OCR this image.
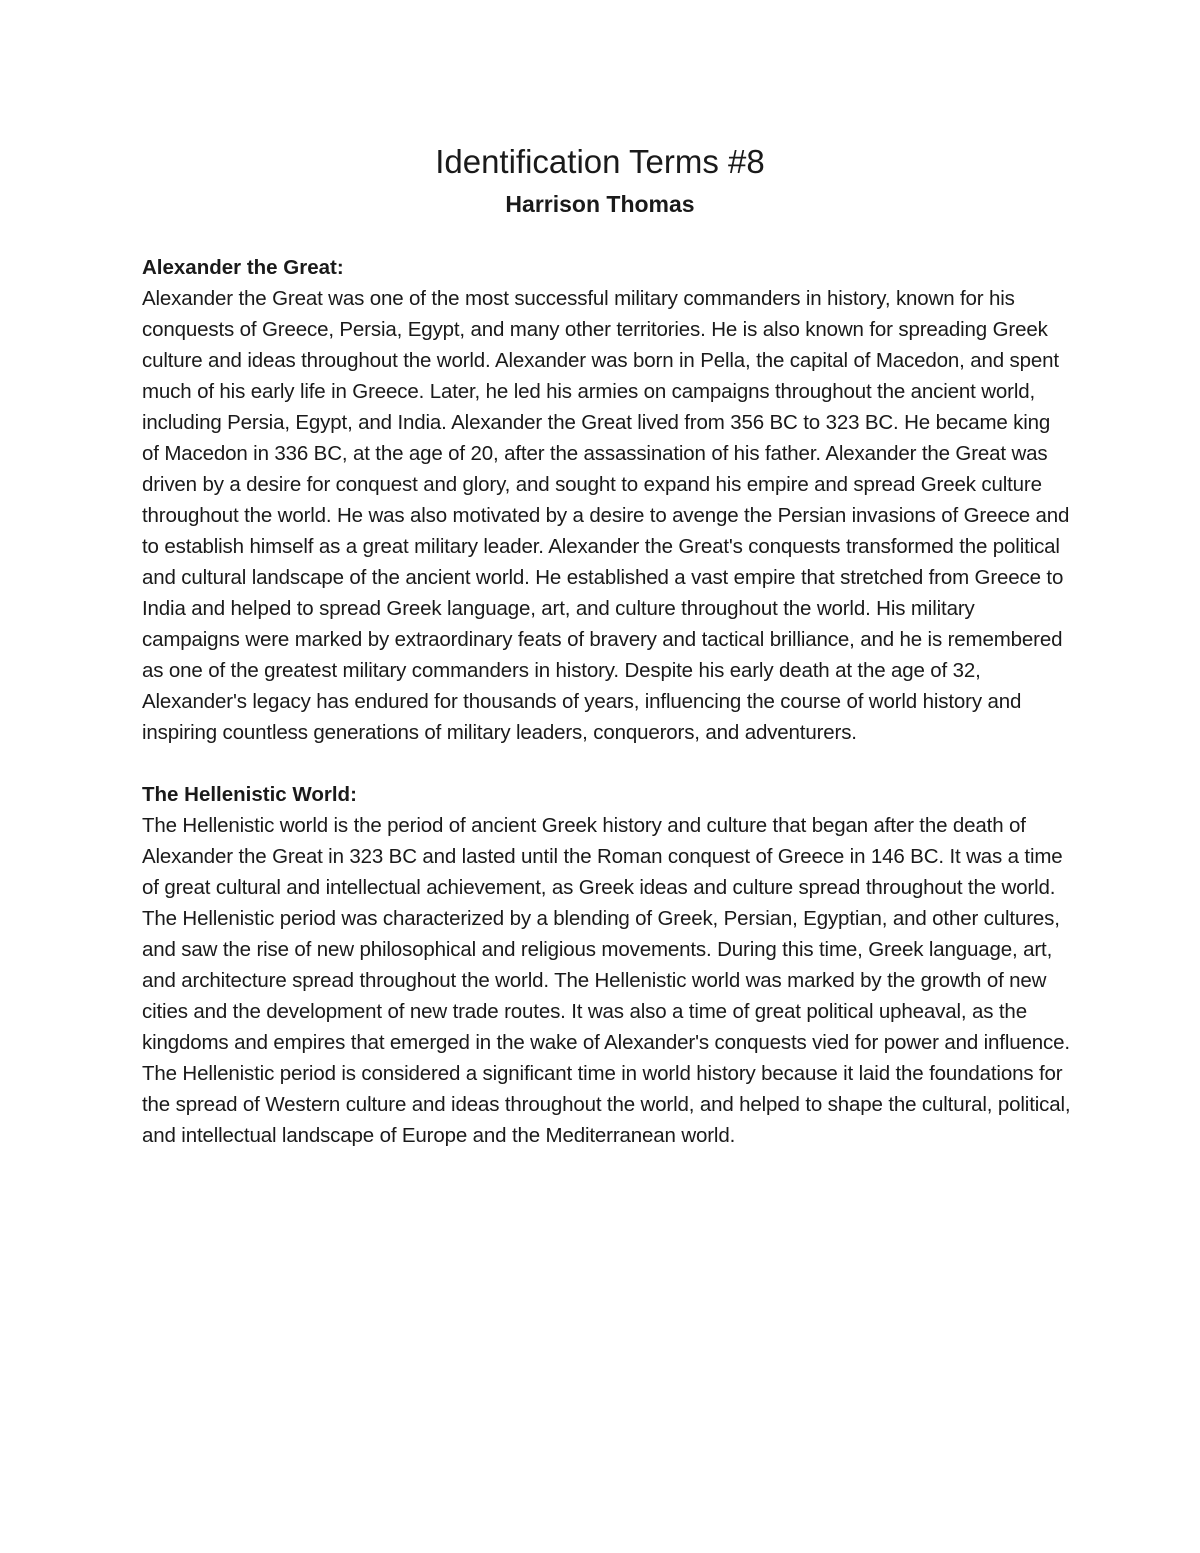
Identification Terms #8
Harrison Thomas
Alexander the Great:

Alexander the Great was one of the most successful military commanders in history, known for his conquests of Greece, Persia, Egypt, and many other territories. He is also known for spreading Greek culture and ideas throughout the world. Alexander was born in Pella, the capital of Macedon, and spent much of his early life in Greece. Later, he led his armies on campaigns throughout the ancient world, including Persia, Egypt, and India. Alexander the Great lived from 356 BC to 323 BC. He became king of Macedon in 336 BC, at the age of 20, after the assassination of his father. Alexander the Great was driven by a desire for conquest and glory, and sought to expand his empire and spread Greek culture throughout the world. He was also motivated by a desire to avenge the Persian invasions of Greece and to establish himself as a great military leader. Alexander the Great's conquests transformed the political and cultural landscape of the ancient world. He established a vast empire that stretched from Greece to India and helped to spread Greek language, art, and culture throughout the world. His military campaigns were marked by extraordinary feats of bravery and tactical brilliance, and he is remembered as one of the greatest military commanders in history. Despite his early death at the age of 32, Alexander's legacy has endured for thousands of years, influencing the course of world history and inspiring countless generations of military leaders, conquerors, and adventurers.

The Hellenistic World:

The Hellenistic world is the period of ancient Greek history and culture that began after the death of Alexander the Great in 323 BC and lasted until the Roman conquest of Greece in 146 BC. It was a time of great cultural and intellectual achievement, as Greek ideas and culture spread throughout the world. The Hellenistic period was characterized by a blending of Greek, Persian, Egyptian, and other cultures, and saw the rise of new philosophical and religious movements. During this time, Greek language, art, and architecture spread throughout the world. The Hellenistic world was marked by the growth of new cities and the development of new trade routes. It was also a time of great political upheaval, as the kingdoms and empires that emerged in the wake of Alexander's conquests vied for power and influence. The Hellenistic period is considered a significant time in world history because it laid the foundations for the spread of Western culture and ideas throughout the world, and helped to shape the cultural, political, and intellectual landscape of Europe and the Mediterranean world.
